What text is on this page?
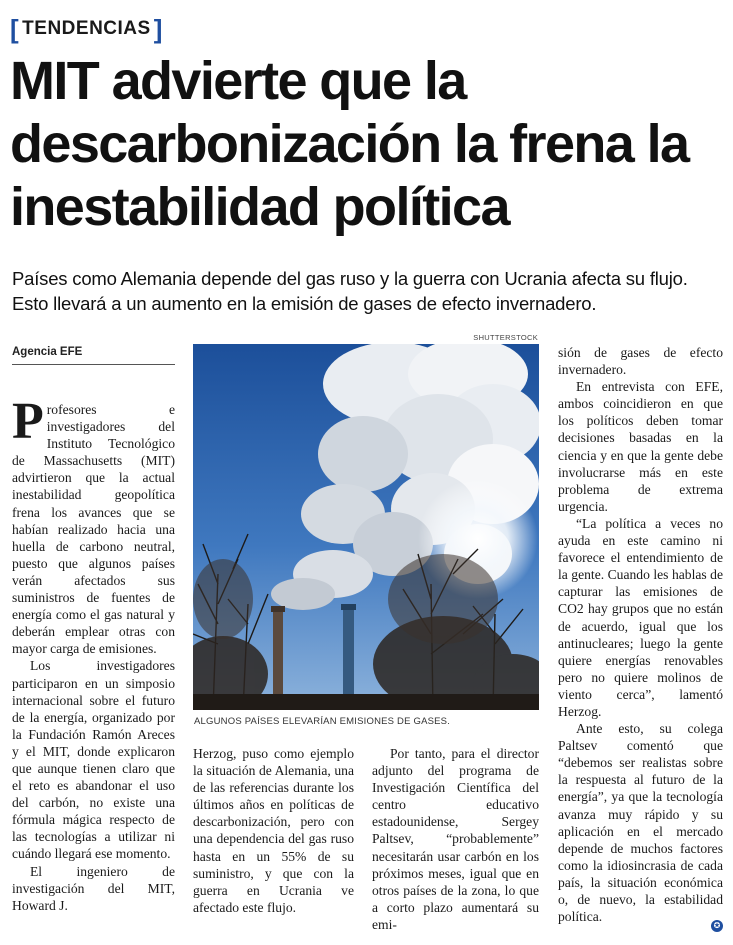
[ TENDENCIAS ]
MIT advierte que la descarbonización la frena la inestabilidad política

Países como Alemania depende del gas ruso y la guerra con Ucrania afecta su flujo. Esto llevará a un aumento en la emisión de gases de efecto invernadero.

Agencia EFE
SHUTTERSTOCK
ALGUNOS PAÍSES ELEVARÍAN EMISIONES DE GASES.

Profesores e investigadores del Instituto Tecnológico de Massachusetts (MIT) advirtieron que la actual inestabilidad geopolítica frena los avances que se habían realizado hacia una huella de carbono neutral, puesto que algunos países verán afectados sus suministros de fuentes de energía como el gas natural y deberán emplear otras con mayor carga de emisiones.

Los investigadores participaron en un simposio internacional sobre el futuro de la energía, organizado por la Fundación Ramón Areces y el MIT, donde explicaron que aunque tienen claro que el reto es abandonar el uso del carbón, no existe una fórmula mágica respecto de las tecnologías a utilizar ni cuándo llegará ese momento.

El ingeniero de investigación del MIT, Howard J.

Herzog, puso como ejemplo la situación de Alemania, una de las referencias durante los últimos años en políticas de descarbonización, pero con una dependencia del gas ruso hasta en un 55% de su suministro, y que con la guerra en Ucrania ve afectado este flujo.

Por tanto, para el director adjunto del programa de Investigación Científica del centro educativo estadounidense, Sergey Paltsev, “probablemente” necesitarán usar carbón en los próximos meses, igual que en otros países de la zona, lo que a corto plazo aumentará su emi-

sión de gases de efecto invernadero.

En entrevista con EFE, ambos coincidieron en que los políticos deben tomar decisiones basadas en la ciencia y en que la gente debe involucrarse más en este problema de extrema urgencia.

“La política a veces no ayuda en este camino ni favorece el entendimiento de la gente. Cuando les hablas de capturar las emisiones de CO2 hay grupos que no están de acuerdo, igual que los antinucleares; luego la gente quiere energías renovables pero no quiere molinos de viento cerca”, lamentó Herzog.

Ante esto, su colega Paltsev comentó que “debemos ser realistas sobre la respuesta al futuro de la energía”, ya que la tecnología avanza muy rápido y su aplicación en el mercado depende de muchos factores como la idiosincrasia de cada país, la situación económica o, de nuevo, la estabilidad política.

✪
